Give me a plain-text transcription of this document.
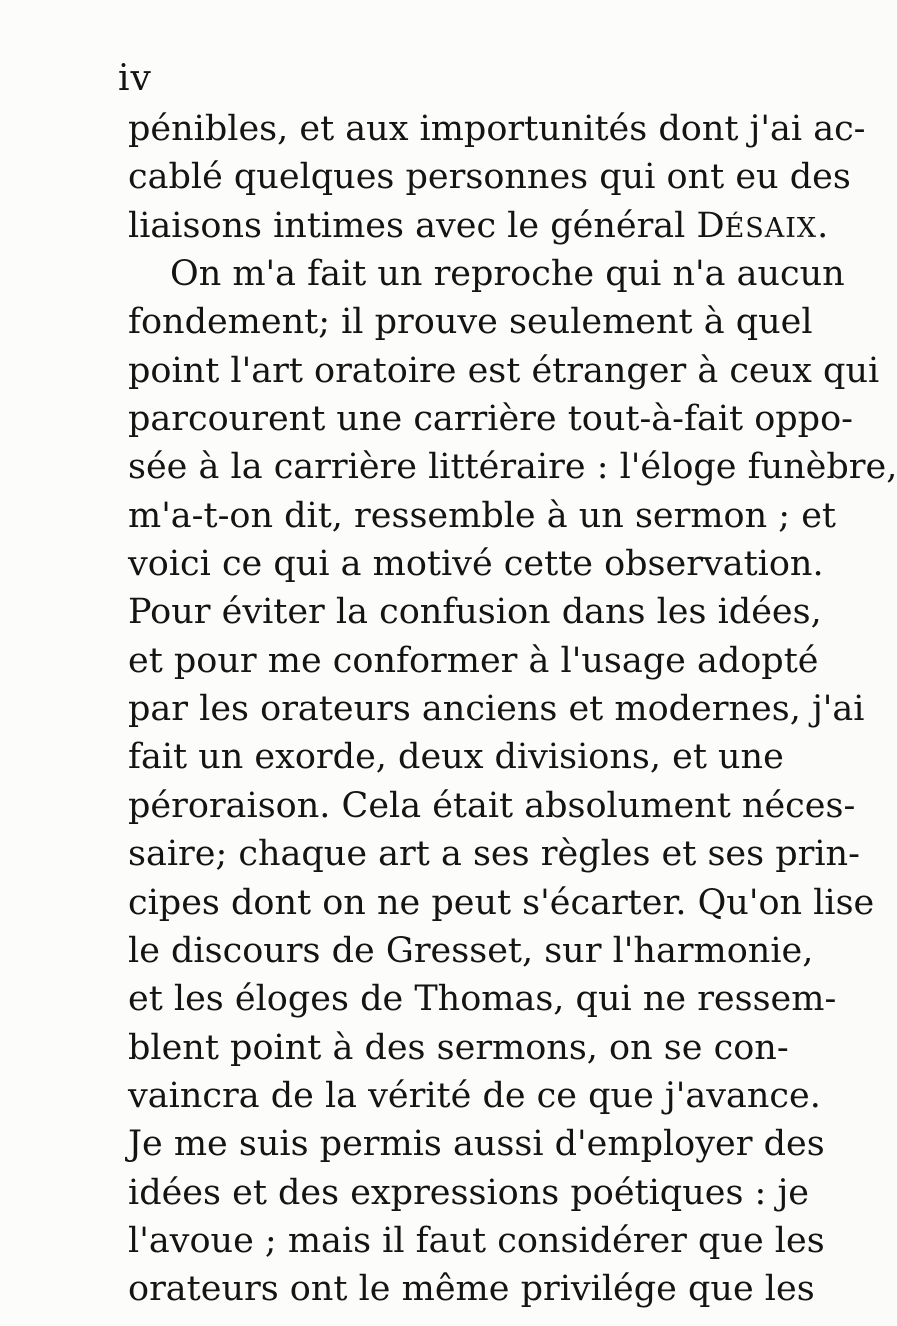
iv
pénibles, et aux importunités dont j'ai ac-
cablé quelques personnes qui ont eu des
liaisons intimes avec le général DÉSAIX.
On m'a fait un reproche qui n'a aucun
fondement; il prouve seulement à quel
point l'art oratoire est étranger à ceux qui
parcourent une carrière tout-à-fait oppo-
sée à la carrière littéraire : l'éloge funèbre,
m'a-t-on dit, ressemble à un sermon ; et
voici ce qui a motivé cette observation.
Pour éviter la confusion dans les idées,
et pour me conformer à l'usage adopté
par les orateurs anciens et modernes, j'ai
fait un exorde, deux divisions, et une
péroraison. Cela était absolument néces-
saire; chaque art a ses règles et ses prin-
cipes dont on ne peut s'écarter. Qu'on lise
le discours de Gresset, sur l'harmonie,
et les éloges de Thomas, qui ne ressem-
blent point à des sermons, on se con-
vaincra de la vérité de ce que j'avance.
Je me suis permis aussi d'employer des
idées et des expressions poétiques : je
l'avoue ; mais il faut considérer que les
orateurs ont le même privilége que les
